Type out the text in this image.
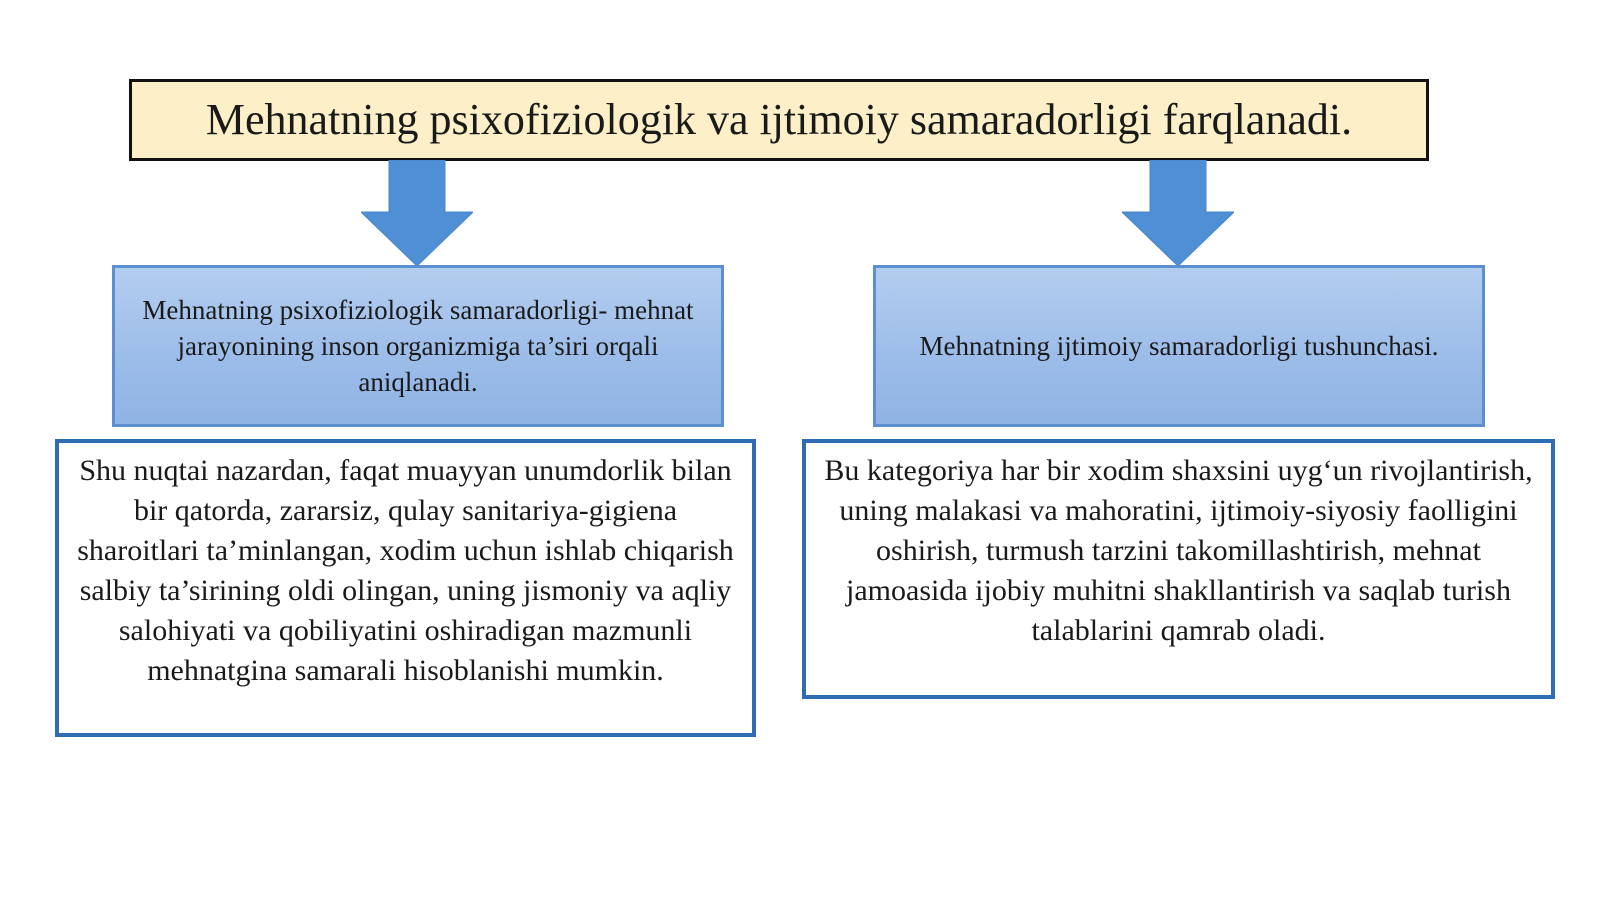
Mehnatning psixofiziologik va ijtimoiy samaradorligi farqlanadi.
Mehnatning psixofiziologik samaradorligi- mehnat jarayonining inson organizmiga ta’siri orqali aniqlanadi.
Mehnatning ijtimoiy samaradorligi tushunchasi.
Shu nuqtai nazardan, faqat muayyan unumdorlik bilan bir qatorda, zararsiz, qulay sanitariya-gigiena sharoitlari ta’minlangan, xodim uchun ishlab chiqarish salbiy ta’sirining oldi olingan, uning jismoniy va aqliy salohiyati va qobiliyatini oshiradigan mazmunli mehnatgina samarali hisoblanishi mumkin.
Bu kategoriya har bir xodim shaxsini uyg‘un rivojlantirish, uning malakasi va mahoratini, ijtimoiy-siyosiy faolligini oshirish, turmush tarzini takomillashtirish, mehnat jamoasida ijobiy muhitni shakllantirish va saqlab turish talablarini qamrab oladi.
